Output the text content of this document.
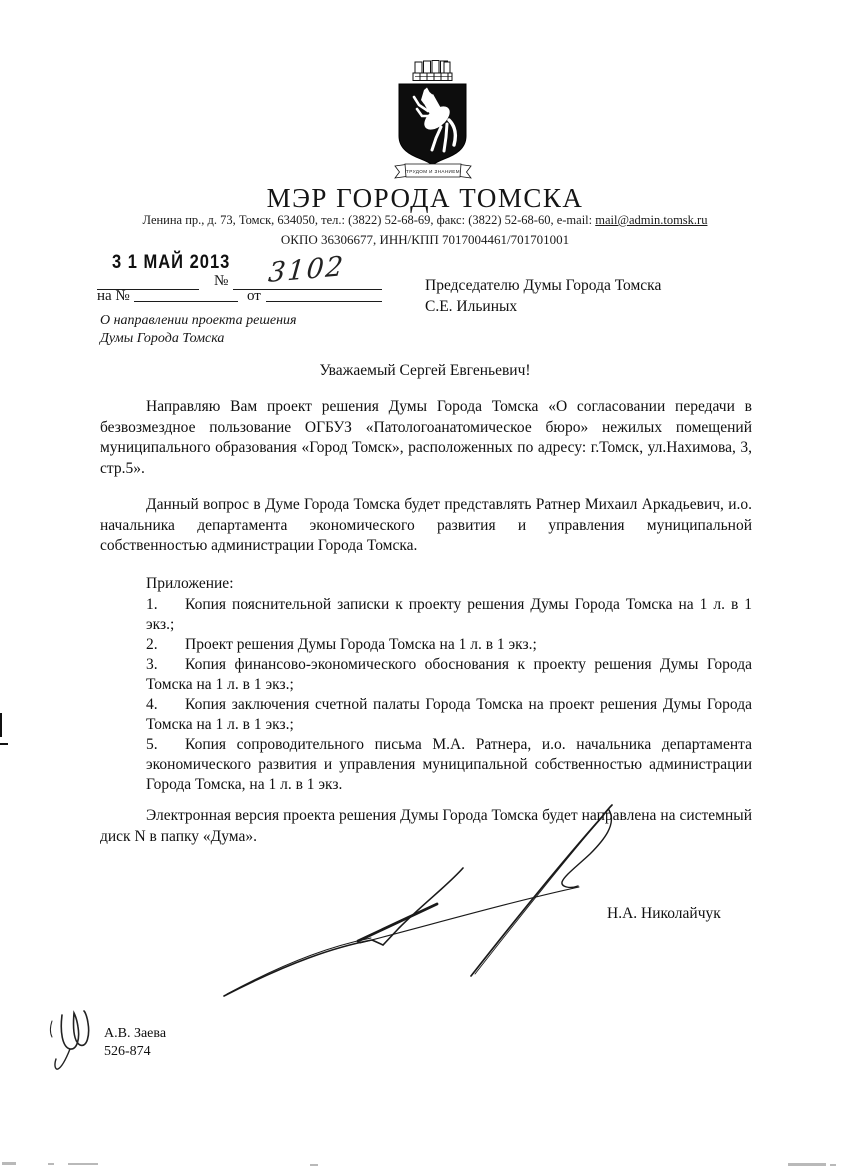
ТРУДОМ И ЗНАНИЕМ
МЭР ГОРОДА ТОМСКА
Ленина пр., д. 73, Томск, 634050, тел.: (3822) 52-68-69, факс: (3822) 52-68-60, e-mail: mail@admin.tomsk.ru
ОКПО 36306677, ИНН/КПП 7017004461/701701001
3 1 МАЙ 2013
№ 3102
на №	от
О направлении проекта решения
Думы Города Томска
Председателю Думы Города Томска
С.Е. Ильиных
Уважаемый Сергей Евгеньевич!
Направляю Вам проект решения Думы Города Томска «О согласовании передачи в безвозмездное пользование ОГБУЗ «Патологоанатомическое бюро» нежилых помещений муниципального образования «Город Томск», расположенных по адресу: г.Томск, ул.Нахимова, 3, стр.5».
Данный вопрос в Думе Города Томска будет представлять Ратнер Михаил Аркадьевич, и.о. начальника департамента экономического развития и управления муниципальной собственностью администрации Города Томска.
Приложение:
1. Копия пояснительной записки к проекту решения Думы Города Томска на 1 л. в 1 экз.;
2. Проект решения Думы Города Томска на 1 л. в 1 экз.;
3. Копия финансово-экономического обоснования к проекту решения Думы Города Томска на 1 л. в 1 экз.;
4. Копия заключения счетной палаты Города Томска на проект решения Думы Города Томска на 1 л. в 1 экз.;
5. Копия сопроводительного письма М.А. Ратнера, и.о. начальника департамента экономического развития и управления муниципальной собственностью администрации Города Томска, на 1 л. в 1 экз.
Электронная версия проекта решения Думы Города Томска будет направлена на системный диск N в папку «Дума».
Н.А. Николайчук
А.В. Заева
526-874
